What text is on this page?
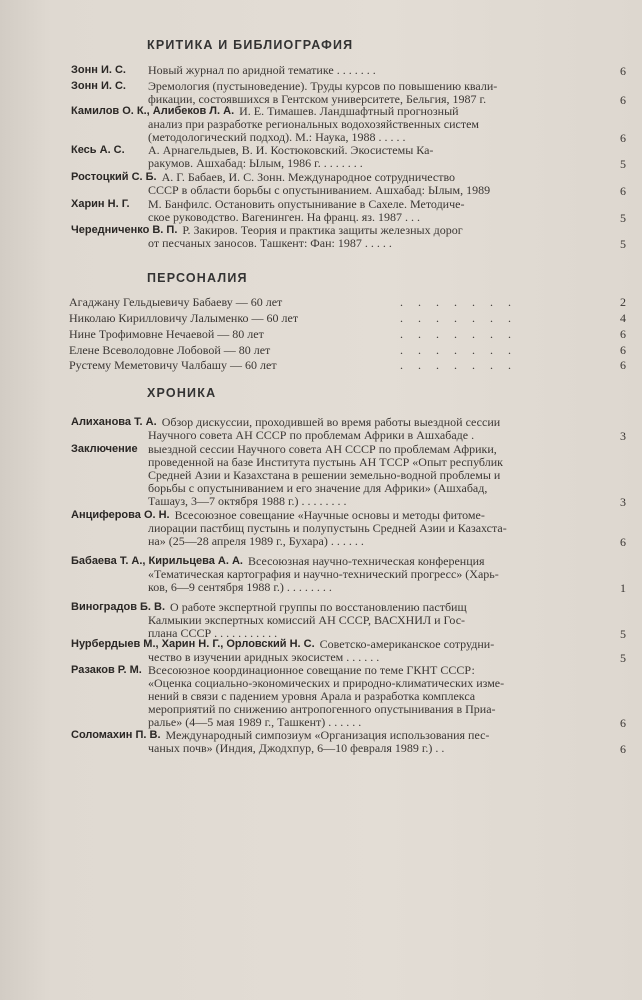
КРИТИКА И БИБЛИОГРАФИЯ
Зонн И. С. Новый журнал по аридной тематике . . . . . . .	6
Зонн И. С. Эремология (пустыноведение). Труды курсов по повышению квали-
фикации, состоявшихся в Гентском университете, Бельгия, 1987 г.	6
Камилов О. К., Алибеков Л. А. И. Е. Тимашев. Ландшафтный прогнозный
анализ при разработке региональных водохозяйственных систем
(методологический подход). М.: Наука, 1988 . . . . .	6
Кесь А. С. А. Арнагельдыев, В. И. Костюковский. Экосистемы Ка-
ракумов. Ашхабад: Ылым, 1986 г. . . . . . . .	5
Ростоцкий С. Б. А. Г. Бабаев, И. С. Зонн. Международное сотрудничество
СССР в области борьбы с опустыниванием. Ашхабад: Ылым, 1989	6
Харин Н. Г. М. Банфилс. Остановить опустынивание в Сахеле. Методиче-
ское руководство. Вагенинген. На франц. яз. 1987 . . .	5
Чередниченко В. П. Р. Закиров. Теория и практика защиты железных дорог
от песчаных заносов. Ташкент: Фан: 1987 . . . . .	5
ПЕРСОНАЛИЯ
Агаджану Гельдыевичу Бабаеву — 60 лет	. . . . . . .	2
Николаю Кирилловичу Лалыменко — 60 лет	. . . . . . .	4
Нине Трофимовне Нечаевой — 80 лет	. . . . . . .	6
Елене Всеволодовне Лобовой — 80 лет	. . . . . . .	6
Рустему Меметовичу Чалбашу — 60 лет	. . . . . . .	6
ХРОНИКА
Алиханова Т. А. Обзор дискуссии, проходившей во время работы выездной сессии
Научного совета АН СССР по проблемам Африки в Ашхабаде .	3
Заключение выездной сессии Научного совета АН СССР по проблемам Африки,
проведенной на базе Института пустынь АН ТССР «Опыт республик
Средней Азии и Казахстана в решении земельно-водной проблемы и
борьбы с опустыниванием и его значение для Африки» (Ашхабад,
Ташауз, 3—7 октября 1988 г.) . . . . . . . .	3
Анциферова О. Н. Всесоюзное совещание «Научные основы и методы фитоме-
лиорации пастбищ пустынь и полупустынь Средней Азии и Казахста-
на» (25—28 апреля 1989 г., Бухара) . . . . . .	6
Бабаева Т. А., Кирильцева А. А. Всесоюзная научно-техническая конференция
«Тематическая картография и научно-технический прогресс» (Харь-
ков, 6—9 сентября 1988 г.) . . . . . . . .	1
Виноградов Б. В. О работе экспертной группы по восстановлению пастбищ
Калмыкии экспертных комиссий АН СССР, ВАСХНИЛ и Гос-
плана СССР . . . . . . . . . . .	5
Нурбердыев М., Харин Н. Г., Орловский Н. С. Советско-американское сотрудни-
чество в изучении аридных экосистем . . . . . .	5
Разаков Р. М. Всесоюзное координационное совещание по теме ГКНТ СССР:
«Оценка социально-экономических и природно-климатических изме-
нений в связи с падением уровня Арала и разработка комплекса
мероприятий по снижению антропогенного опустынивания в Приа-
ралье» (4—5 мая 1989 г., Ташкент) . . . . . .	6
Соломахин П. В. Международный симпозиум «Организация использования пес-
чаных почв» (Индия, Джодхпур, 6—10 февраля 1989 г.) . .	6
